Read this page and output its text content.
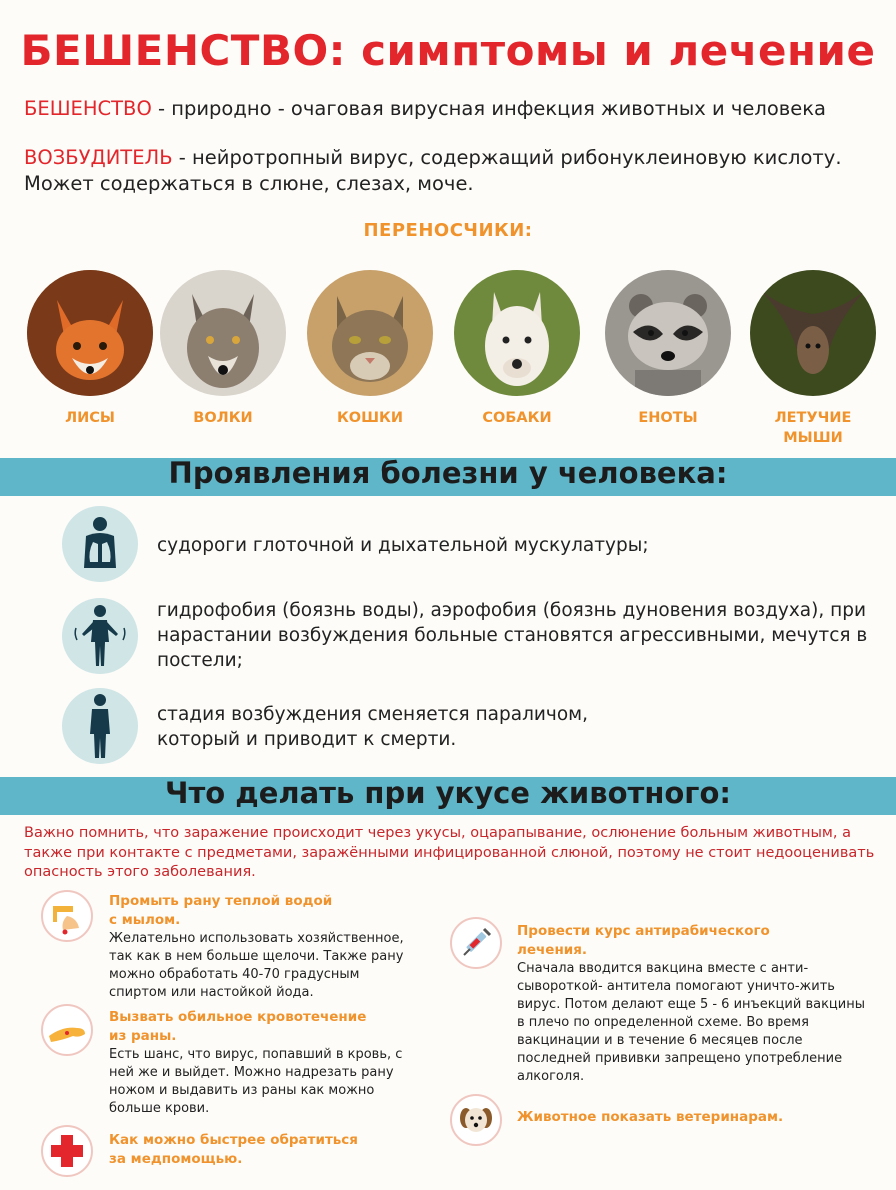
БЕШЕНСТВО: симптомы и лечение
БЕШЕНСТВО - природно - очаговая вирусная инфекция животных и человека
ВОЗБУДИТЕЛЬ - нейротропный вирус, содержащий рибонуклеиновую кислоту. Может содержаться в слюне, слезах, моче.
ПЕРЕНОСЧИКИ:
ЛИСЫ	ВОЛКИ	КОШКИ	СОБАКИ	ЕНОТЫ	ЛЕТУЧИЕ МЫШИ
Проявления болезни у человека:
судороги глоточной и дыхательной мускулатуры;
гидрофобия (боязнь воды), аэрофобия (боязнь дуновения воздуха), при нарастании возбуждения больные становятся агрессивными, мечутся в постели;
стадия возбуждения сменяется параличом, который и приводит к смерти.
Что делать при укусе животного:
Важно помнить, что заражение происходит через укусы, оцарапывание, ослюнение больным животным, а также при контакте с предметами, заражёнными инфицированной слюной, поэтому не стоит недооценивать опасность этого заболевания.
Промыть рану теплой водой с мылом.
Желательно использовать хозяйственное, так как в нем больше щелочи. Также рану можно обработать 40-70 градусным спиртом или настойкой йода.
Вызвать обильное кровотечение из раны.
Есть шанс, что вирус, попавший в кровь, с ней же и выйдет. Можно надрезать рану ножом и выдавить из раны как можно больше крови.
Как можно быстрее обратиться за медпомощью.
Провести курс антирабического лечения.
Сначала вводится вакцина вместе с анти-сывороткой- антитела помогают уничто-жить вирус. Потом делают еще 5 - 6 инъекций вакцины в плечо по определенной схеме. Во время вакцинации и в течение 6 месяцев после последней прививки запрещено употребление алкоголя.
Животное показать ветеринарам.
